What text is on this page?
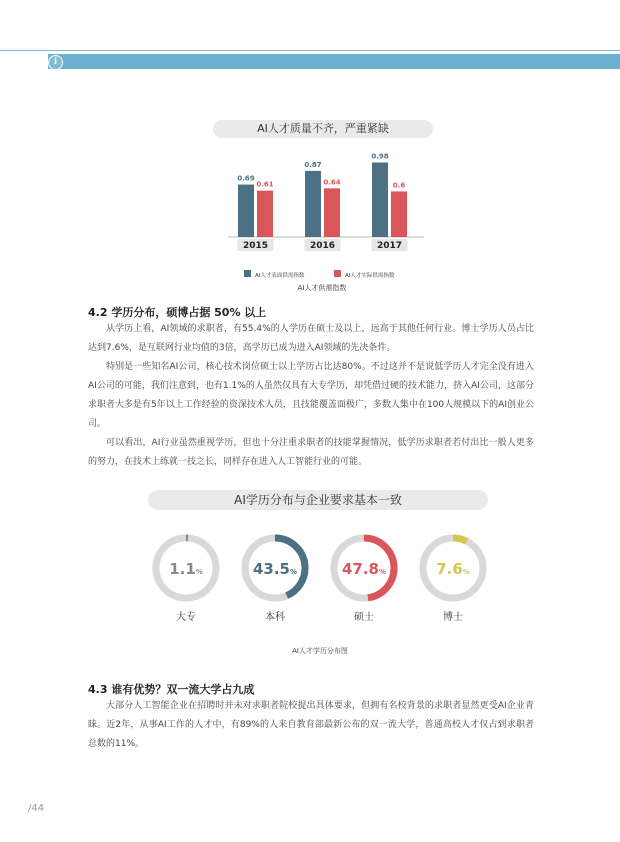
i
AI人才质量不齐，严重紧缺
0.69
0.61
2015
0.87
0.64
2016
0.98
0.6
2017
AI人才表面供需指数	AI人才实际供需指数
AI人才供需指数
4.2 学历分布，硕博占据 50% 以上

从学历上看，AI领域的求职者，有55.4%的人学历在硕士及以上，远高于其他任何行业。博士学历人员占比达到7.6%，是互联网行业均值的3倍，高学历已成为进入AI领域的先决条件。

特别是一些知名AI公司，核心技术岗位硕士以上学历占比达80%。不过这并不是说低学历人才完全没有进入AI公司的可能，我们注意到，也有1.1%的人虽然仅具有大专学历，却凭借过硬的技术能力，挤入AI公司，这部分求职者大多是有5年以上工作经验的资深技术人员，且技能覆盖面极广，多数人集中在100人规模以下的AI创业公司。

可以看出，AI行业虽然重视学历，但也十分注重求职者的技能掌握情况，低学历求职者若付出比一般人更多的努力，在技术上练就一技之长，同样存在进入人工智能行业的可能。

AI学历分布与企业要求基本一致
1.1%	43.5%	47.8%	7.6%
大专	本科	硕士	博士
AI人才学历分布图
4.3 谁有优势？双一流大学占九成

大部分人工智能企业在招聘时并未对求职者院校提出具体要求，但拥有名校背景的求职者显然更受AI企业青睐。近2年，从事AI工作的人才中，有89%的人来自教育部最新公布的双一流大学，普通高校人才仅占到求职者总数的11%。

/44
